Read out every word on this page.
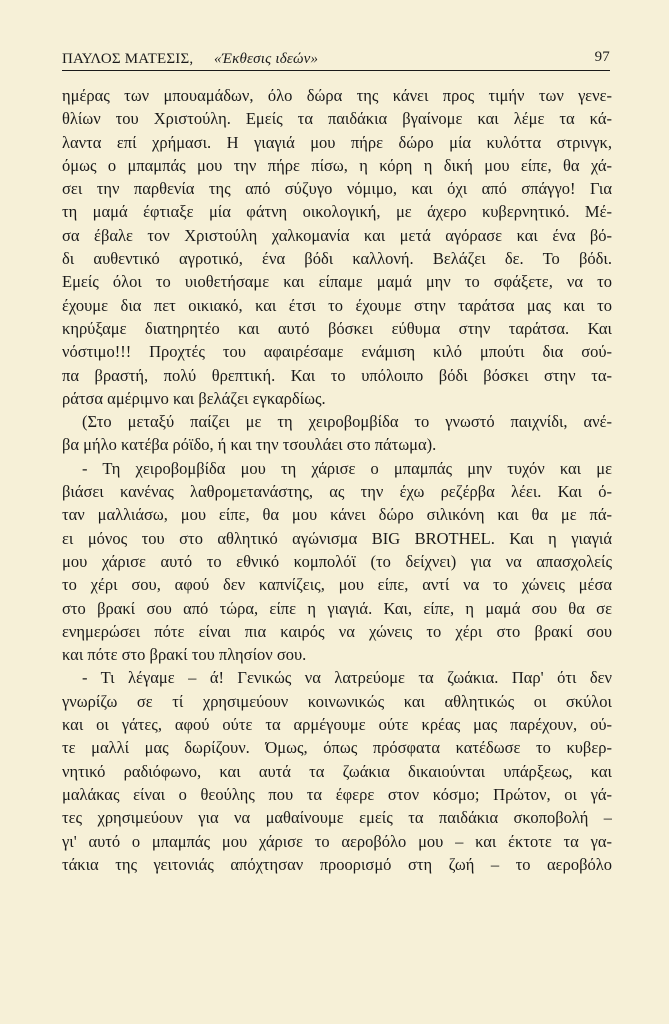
ΠΑΥΛΟΣ ΜΑΤΕΣΙΣ, «Έκθεσις ιδεών»	97
ημέρας των μπουαμάδων, όλο δώρα της κάνει προς τιμήν των γενε-
θλίων του Χριστούλη. Εμείς τα παιδάκια βγαίνομε και λέμε τα κά-
λαντα επί χρήμασι. Η γιαγιά μου πήρε δώρο μία κυλόττα στρινγκ,
όμως ο μπαμπάς μου την πήρε πίσω, η κόρη η δική μου είπε, θα χά-
σει την παρθενία της από σύζυγο νόμιμο, και όχι από σπάγγο! Για
τη μαμά έφτιαξε μία φάτνη οικολογική, με άχερο κυβερνητικό. Μέ-
σα έβαλε τον Χριστούλη χαλκομανία και μετά αγόρασε και ένα βό-
δι αυθεντικό αγροτικό, ένα βόδι καλλονή. Βελάζει δε. Το βόδι.
Εμείς όλοι το υιοθετήσαμε και είπαμε μαμά μην το σφάξετε, να το
έχουμε δια πετ οικιακό, και έτσι το έχουμε στην ταράτσα μας και το
κηρύξαμε διατηρητέο και αυτό βόσκει εύθυμα στην ταράτσα. Και
νόστιμο!!! Προχτές του αφαιρέσαμε ενάμιση κιλό μπούτι δια σού-
πα βραστή, πολύ θρεπτική. Και το υπόλοιπο βόδι βόσκει στην τα-
ράτσα αμέριμνο και βελάζει εγκαρδίως.
(Στο μεταξύ παίζει με τη χειροβομβίδα το γνωστό παιχνίδι, ανέ-
βα μήλο κατέβα ρόϊδο, ή και την τσουλάει στο πάτωμα).
- Τη χειροβομβίδα μου τη χάρισε ο μπαμπάς μην τυχόν και με
βιάσει κανένας λαθρομετανάστης, ας την έχω ρεζέρβα λέει. Και ό-
ταν μαλλιάσω, μου είπε, θα μου κάνει δώρο σιλικόνη και θα με πά-
ει μόνος του στο αθλητικό αγώνισμα BIG BROTHEL. Και η γιαγιά
μου χάρισε αυτό το εθνικό κομπολόϊ (το δείχνει) για να απασχολείς
το χέρι σου, αφού δεν καπνίζεις, μου είπε, αντί να το χώνεις μέσα
στο βρακί σου από τώρα, είπε η γιαγιά. Και, είπε, η μαμά σου θα σε
ενημερώσει πότε είναι πια καιρός να χώνεις το χέρι στο βρακί σου
και πότε στο βρακί του πλησίον σου.
- Τι λέγαμε – ά! Γενικώς να λατρεύομε τα ζωάκια. Παρ' ότι δεν
γνωρίζω σε τί χρησιμεύουν κοινωνικώς και αθλητικώς οι σκύλοι
και οι γάτες, αφού ούτε τα αρμέγουμε ούτε κρέας μας παρέχουν, ού-
τε μαλλί μας δωρίζουν. Όμως, όπως πρόσφατα κατέδωσε το κυβερ-
νητικό ραδιόφωνο, και αυτά τα ζωάκια δικαιούνται υπάρξεως, και
μαλάκας είναι ο θεούλης που τα έφερε στον κόσμο; Πρώτον, οι γά-
τες χρησιμεύουν για να μαθαίνουμε εμείς τα παιδάκια σκοποβολή –
γι' αυτό ο μπαμπάς μου χάρισε το αεροβόλο μου – και έκτοτε τα γα-
τάκια της γειτονιάς απόχτησαν προορισμό στη ζωή – το αεροβόλο
